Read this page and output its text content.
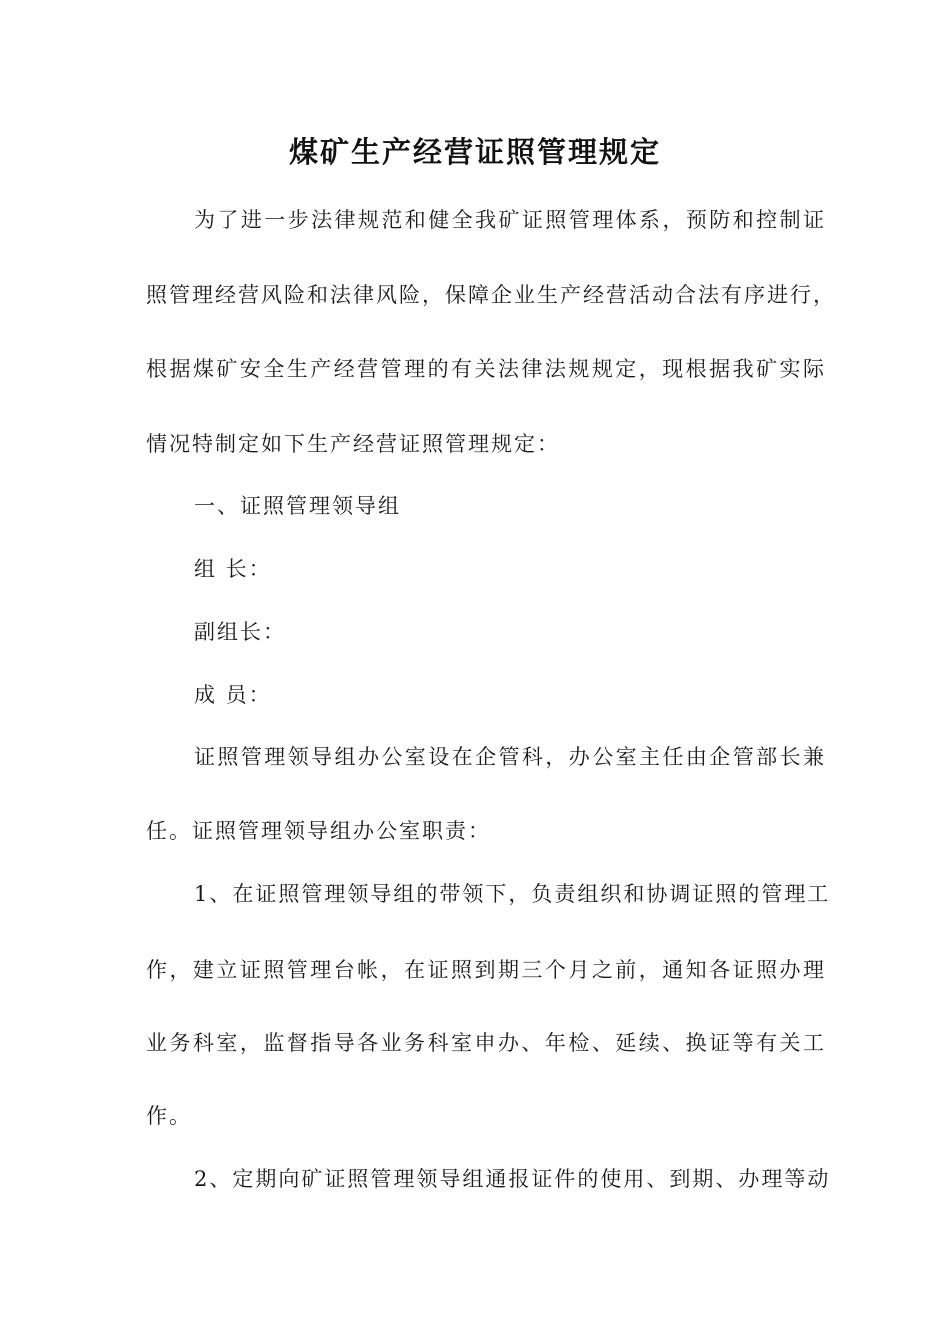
煤矿生产经营证照管理规定
为了进一步法律规范和健全我矿证照管理体系，预防和控制证
照管理经营风险和法律风险，保障企业生产经营活动合法有序进行，
根据煤矿安全生产经营管理的有关法律法规规定，现根据我矿实际
情况特制定如下生产经营证照管理规定：
一、证照管理领导组
组 长：
副组长：
成 员：
证照管理领导组办公室设在企管科，办公室主任由企管部长兼
任。证照管理领导组办公室职责：
1、在证照管理领导组的带领下，负责组织和协调证照的管理工
作，建立证照管理台帐，在证照到期三个月之前，通知各证照办理
业务科室，监督指导各业务科室申办、年检、延续、换证等有关工
作。
2、定期向矿证照管理领导组通报证件的使用、到期、办理等动
